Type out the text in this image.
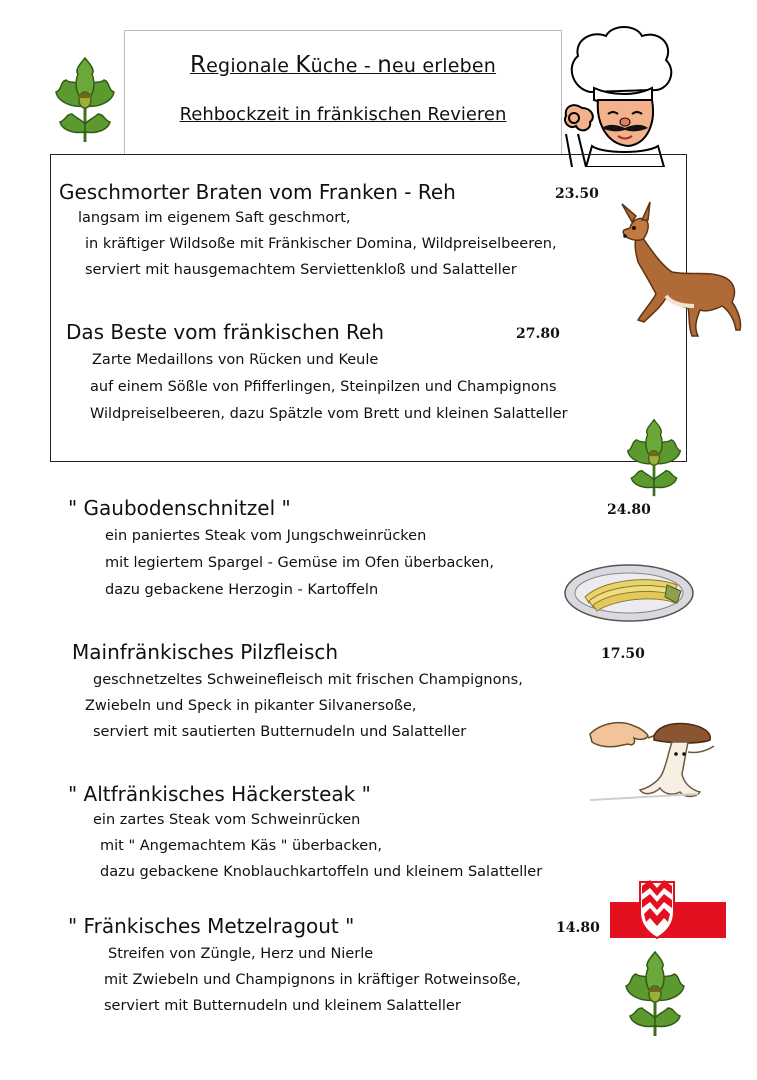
Regionale Küche - neu erleben
Rehbockzeit in fränkischen Revieren
Geschmorter Braten vom Franken - Reh	23.50
langsam im eigenem Saft geschmort,
in kräftiger Wildsoße mit Fränkischer Domina, Wildpreiselbeeren,
serviert mit hausgemachtem Serviettenkloß und Salatteller
Das Beste vom fränkischen Reh	27.80
Zarte Medaillons von Rücken und Keule
auf einem Sößle von Pfifferlingen, Steinpilzen und Champignons
Wildpreiselbeeren, dazu Spätzle vom Brett und kleinen Salatteller
" Gaubodenschnitzel "	24.80
ein paniertes Steak vom Jungschweinrücken
mit legiertem Spargel - Gemüse im Ofen überbacken,
dazu gebackene Herzogin - Kartoffeln
Mainfränkisches Pilzfleisch	17.50
geschnetzeltes Schweinefleisch mit frischen Champignons,
Zwiebeln und Speck in pikanter Silvanersoße,
serviert mit sautierten Butternudeln und Salatteller
" Altfränkisches Häckersteak "
ein zartes Steak vom Schweinrücken
mit " Angemachtem Käs " überbacken,
dazu gebackene Knoblauchkartoffeln und kleinem Salatteller
" Fränkisches Metzelragout "	14.80
Streifen von Züngle, Herz und Nierle
mit Zwiebeln und Champignons in kräftiger Rotweinsoße,
serviert mit Butternudeln und kleinem Salatteller
